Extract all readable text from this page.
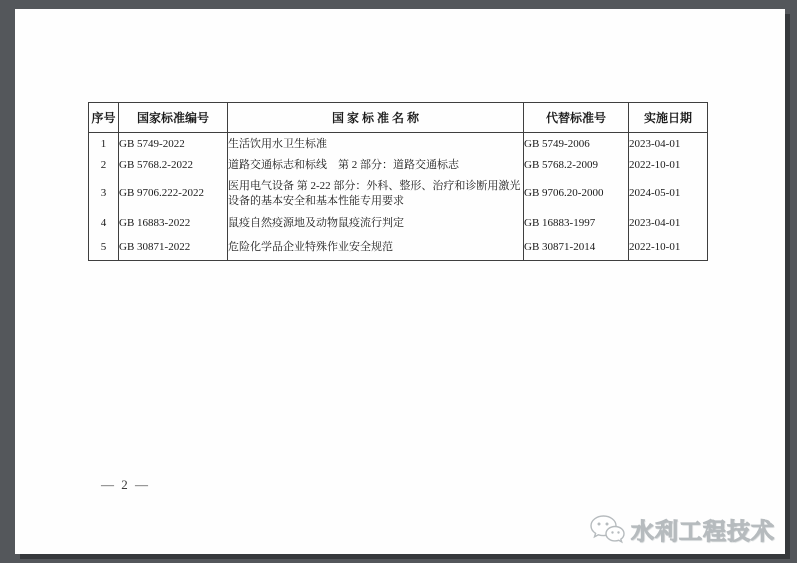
序号	国家标准编号	国 家 标 准 名 称	代替标准号	实施日期
1	GB 5749-2022	生活饮用水卫生标准	GB 5749-2006	2023-04-01
2	GB 5768.2-2022	道路交通标志和标线　第 2 部分：道路交通标志	GB 5768.2-2009	2022-10-01
3	GB 9706.222-2022	医用电气设备 第 2-22 部分：外科、整形、治疗和诊断用激光设备的基本安全和基本性能专用要求	GB 9706.20-2000	2024-05-01
4	GB 16883-2022	鼠疫自然疫源地及动物鼠疫流行判定	GB 16883-1997	2023-04-01
5	GB 30871-2022	危险化学品企业特殊作业安全规范	GB 30871-2014	2022-10-01
— 2 —
水利工程技术
